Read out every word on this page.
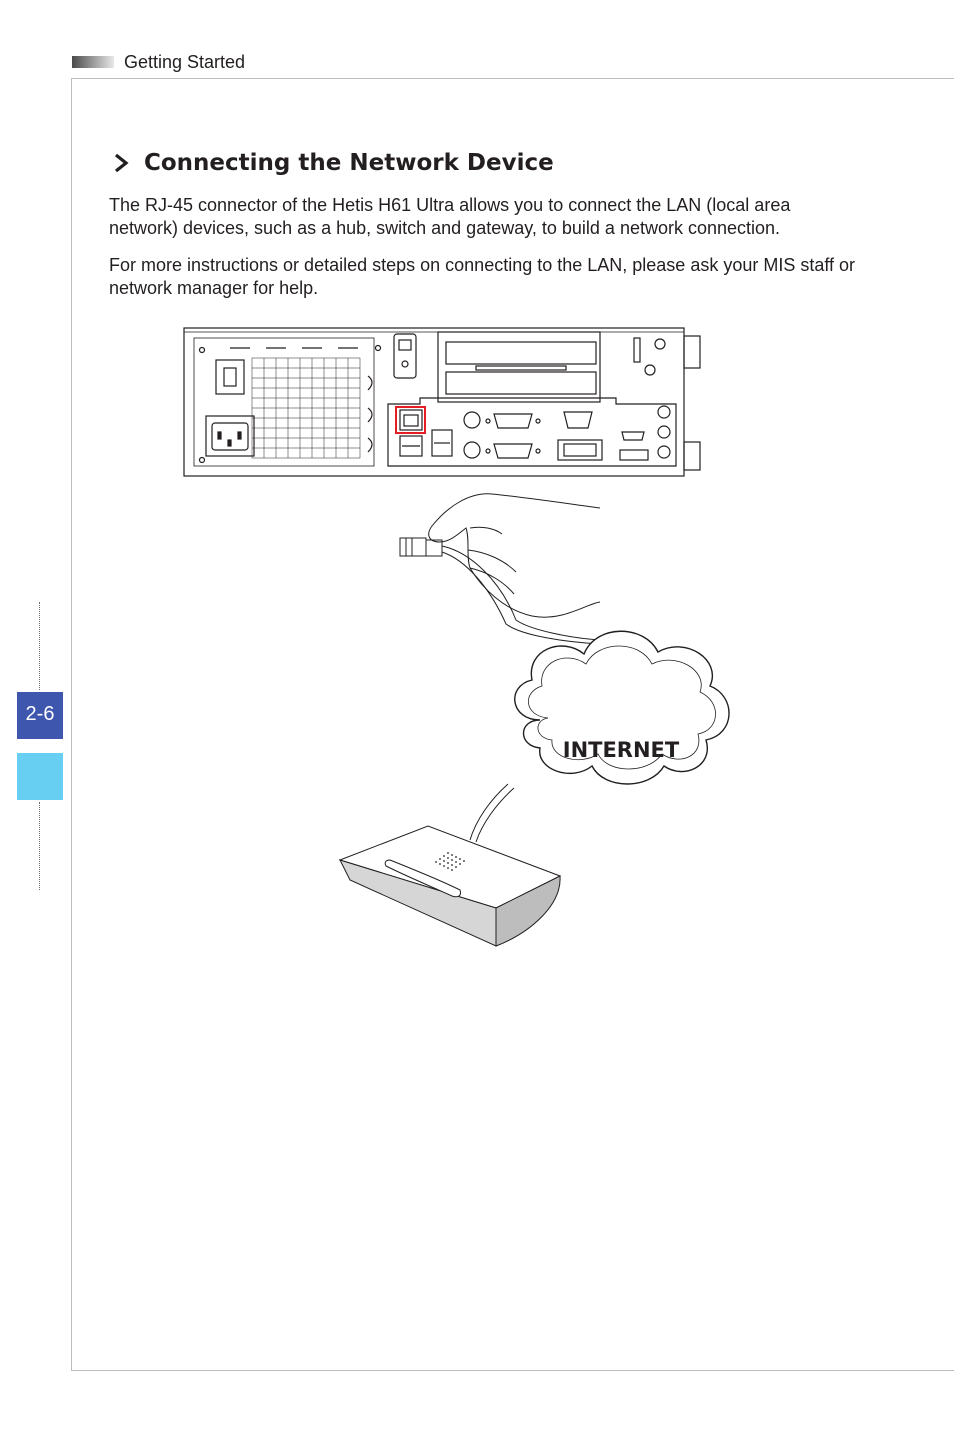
Getting Started
2-6
Connecting the Network Device

The RJ-45 connector of the Hetis H61 Ultra allows you to connect the LAN (local area network) devices, such as a hub, switch and gateway, to build a network connection.

For more instructions or detailed steps on connecting to the LAN, please ask your MIS staff or network manager for help.

INTERNET
